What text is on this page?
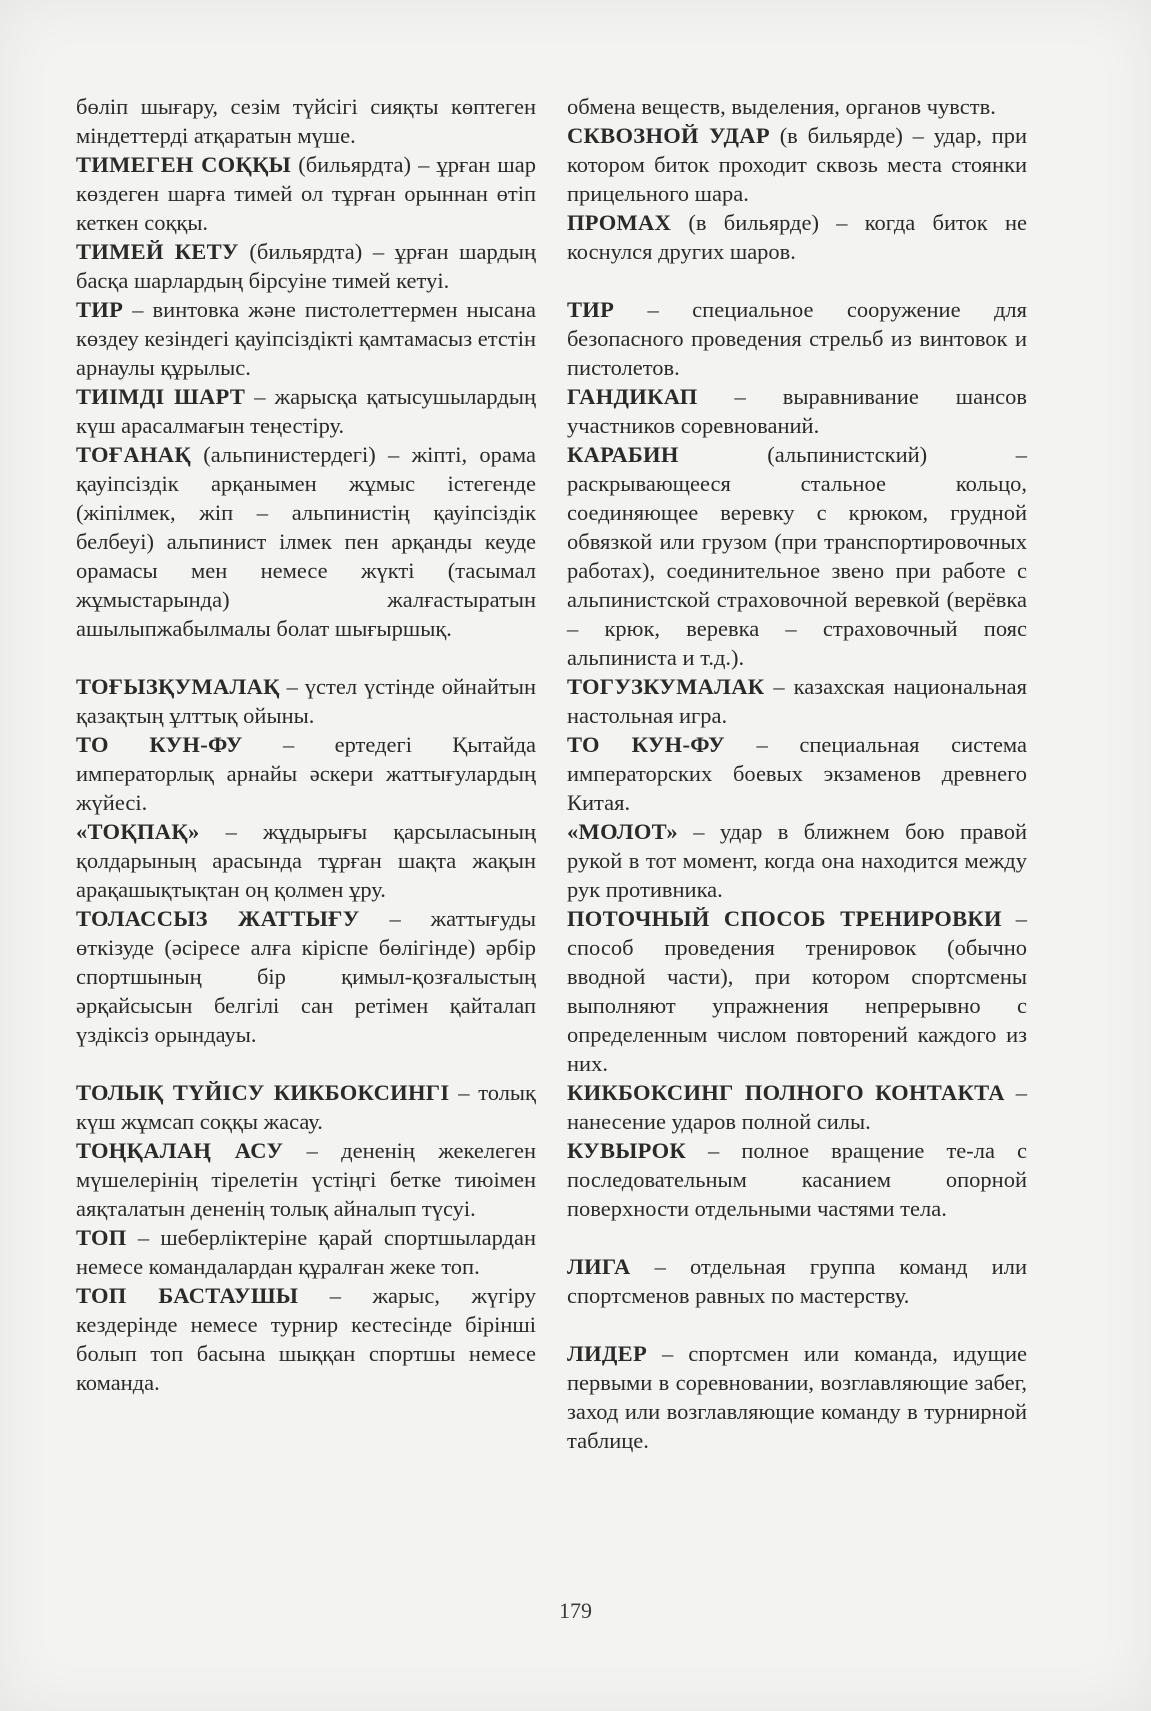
бөліп шығару, сезім түйсігі сияқты көптеген міндеттерді атқаратын мүше.

ТИМЕГЕН СОҚҚЫ (бильярдта) – ұрған шар көздеген шарға тимей ол тұрған орыннан өтіп кеткен соққы.

ТИМЕЙ КЕТУ (бильярдта) – ұрған шардың басқа шарлардың бірсуіне тимей кетуі.

ТИР – винтовка және пистолеттермен нысана көздеу кезіндегі қауіпсіздікті қамтамасыз етстін арнаулы құрылыс.

ТИІМДІ ШАРТ – жарысқа қатысушылардың күш арасалмағын теңестіру.

ТОҒАНАҚ (альпинистердегі) – жіпті, орама қауіпсіздік арқанымен жұмыс істегенде (жіпілмек, жіп – альпинистің қауіпсіздік белбеуі) альпинист ілмек пен арқанды кеуде орамасы мен немесе жүкті (тасымал жұмыстарында) жалғастыратын ашылыпжабылмалы болат шығыршық.

ТОҒЫЗҚУМАЛАҚ – үстел үстінде ойнайтын қазақтың ұлттық ойыны.

ТО КУН-ФУ – ертедегі Қытайда императорлық арнайы әскери жаттығулардың жүйесі.

«ТОҚПАҚ» – жұдырығы қарсыласының қолдарының арасында тұрған шақта жақын арақашықтықтан оң қолмен ұру.

ТОЛАССЫЗ ЖАТТЫҒУ – жаттығуды өткізуде (әсіресе алға кіріспе бөлігінде) әрбір спортшының бір қимыл-қозғалыстың әрқайсысын белгілі сан ретімен қайталап үздіксіз орындауы.

ТОЛЫҚ ТҮЙІСУ КИКБОКСИНГІ – толық күш жұмсап соққы жасау.

ТОҢҚАЛАҢ АСУ – дененің жекелеген мүшелерінің тірелетін үстіңгі бетке тиюімен аяқталатын дененің толық айналып түсуі.

ТОП – шеберліктеріне қарай спортшылардан немесе командалардан құралған жеке топ.

ТОП БАСТАУШЫ – жарыс, жүгіру кездерінде немесе турнир кестесінде бірінші болып топ басына шыққан спортшы немесе команда.

обмена веществ, выделения, органов чувств.

СКВОЗНОЙ УДАР (в бильярде) – удар, при котором биток проходит сквозь места стоянки прицельного шара.

ПРОМАХ (в бильярде) – когда биток не коснулся других шаров.

ТИР – специальное сооружение для безопасного проведения стрельб из винтовок и пистолетов.

ГАНДИКАП – выравнивание шансов участников соревнований.

КАРАБИН (альпинистский) – раскрывающееся стальное кольцо, соединяющее веревку с крюком, грудной обвязкой или грузом (при транспортировочных работах), соединительное звено при работе с альпинистской страховочной веревкой (верёвка – крюк, веревка – страховочный пояс альпиниста и т.д.).

ТОГУЗКУМАЛАК – казахская национальная настольная игра.

ТО КУН-ФУ – специальная система императорских боевых экзаменов древнего Китая.

«МОЛОТ» – удар в ближнем бою правой рукой в тот момент, когда она находится между рук противника.

ПОТОЧНЫЙ СПОСОБ ТРЕНИРОВКИ – способ проведения тренировок (обычно вводной части), при котором спортсмены выполняют упражнения непрерывно с определенным числом повторений каждого из них.

КИКБОКСИНГ ПОЛНОГО КОНТАКТА – нанесение ударов полной силы.

КУВЫРОК – полное вращение те-ла с последовательным касанием опорной поверхности отдельными частями тела.

ЛИГА – отдельная группа команд или спортсменов равных по мастерству.

ЛИДЕР – спортсмен или команда, идущие первыми в соревновании, возглавляющие забег, заход или возглавляющие команду в турнирной таблице.

179
